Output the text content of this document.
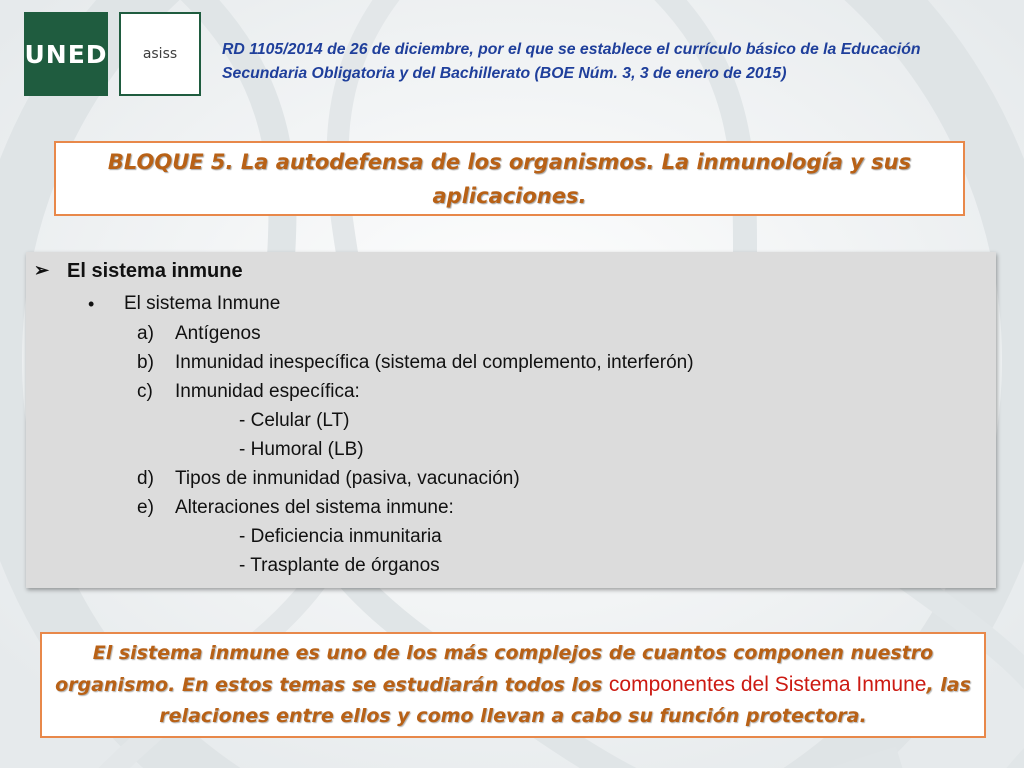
UNED	asiss	RD 1105/2014 de 26 de diciembre, por el que se establece el currículo básico de la Educación Secundaria Obligatoria y del Bachillerato (BOE Núm. 3, 3 de enero de 2015)

BLOQUE 5. La autodefensa de los organismos. La inmunología y sus aplicaciones.

➢ El sistema inmune
• El sistema Inmune
a)	Antígenos
b)	Inmunidad inespecífica (sistema del complemento, interferón)
c)	Inmunidad específica:
- Celular (LT)
- Humoral (LB)
d)	Tipos de inmunidad (pasiva, vacunación)
e)	Alteraciones del sistema inmune:
- Deficiencia inmunitaria
- Trasplante de órganos

El sistema inmune es uno de los más complejos de cuantos componen nuestro organismo. En estos temas se estudiarán todos los componentes del Sistema Inmune, las relaciones entre ellos y como llevan a cabo su función protectora.
